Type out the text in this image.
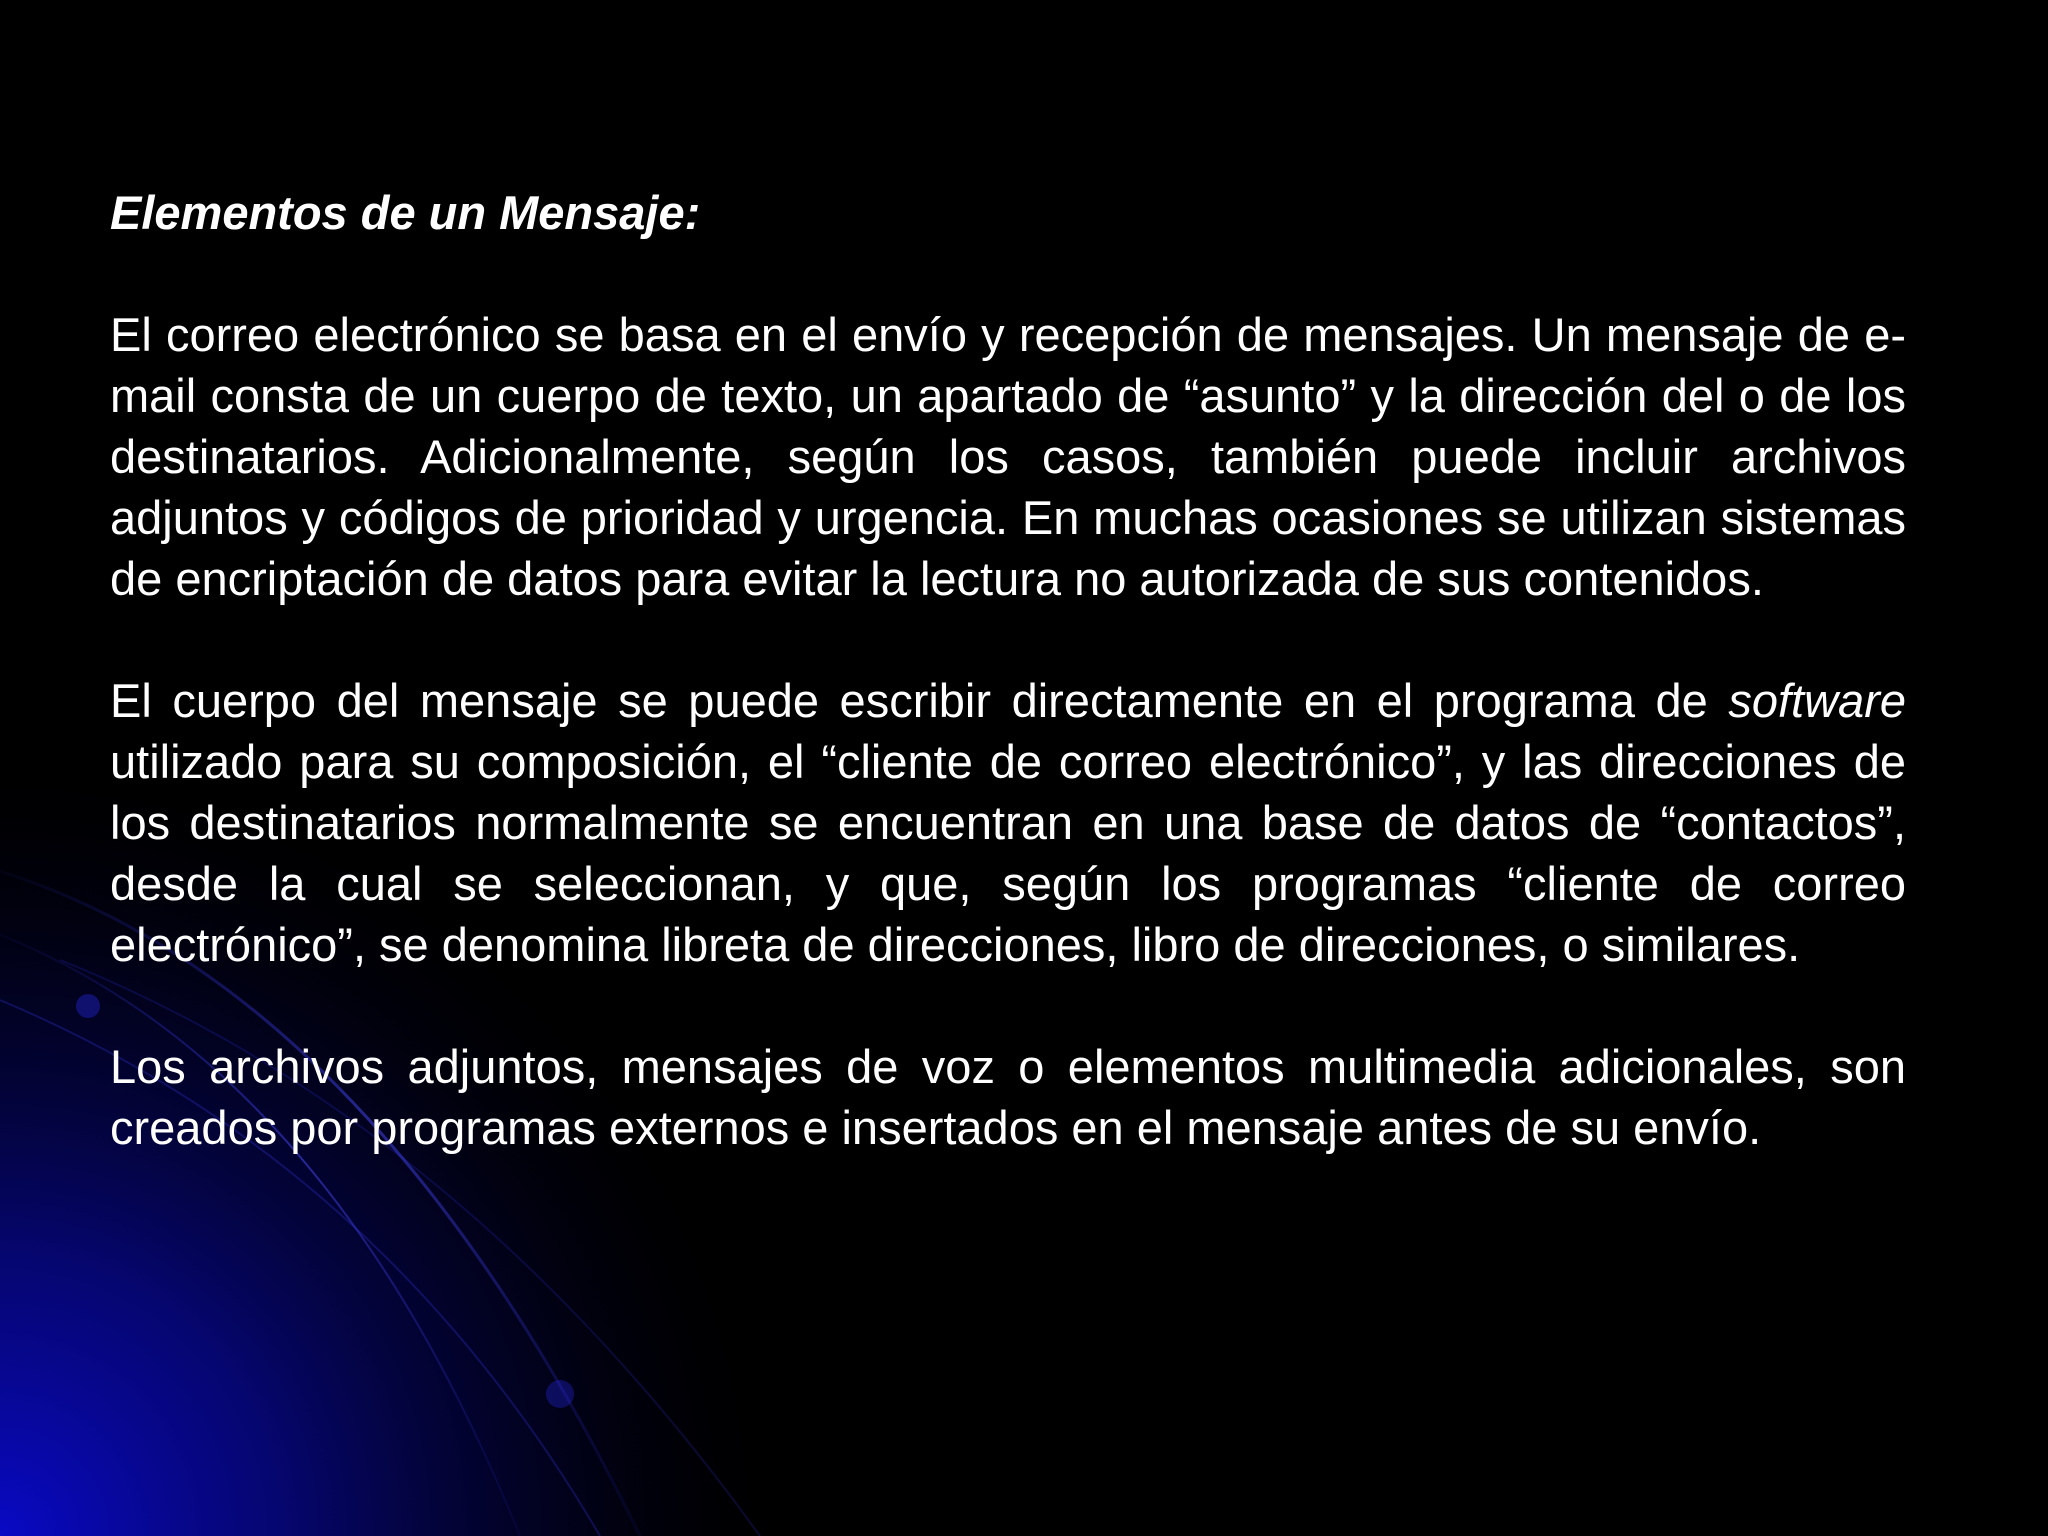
Elementos de un Mensaje:

El correo electrónico se basa en el envío y recepción de mensajes. Un mensaje de e-mail consta de un cuerpo de texto, un apartado de “asunto” y la dirección del o de los destinatarios. Adicionalmente, según los casos, también puede incluir archivos adjuntos y códigos de prioridad y urgencia. En muchas ocasiones se utilizan sistemas de encriptación de datos para evitar la lectura no autorizada de sus contenidos.

El cuerpo del mensaje se puede escribir directamente en el programa de software utilizado para su composición, el “cliente de correo electrónico”, y las direcciones de los destinatarios normalmente se encuentran en una base de datos de “contactos”, desde la cual se seleccionan, y que, según los programas “cliente de correo electrónico”, se denomina libreta de direcciones, libro de direcciones, o similares.

Los archivos adjuntos, mensajes de voz o elementos multimedia adicionales, son creados por programas externos e insertados en el mensaje antes de su envío.
